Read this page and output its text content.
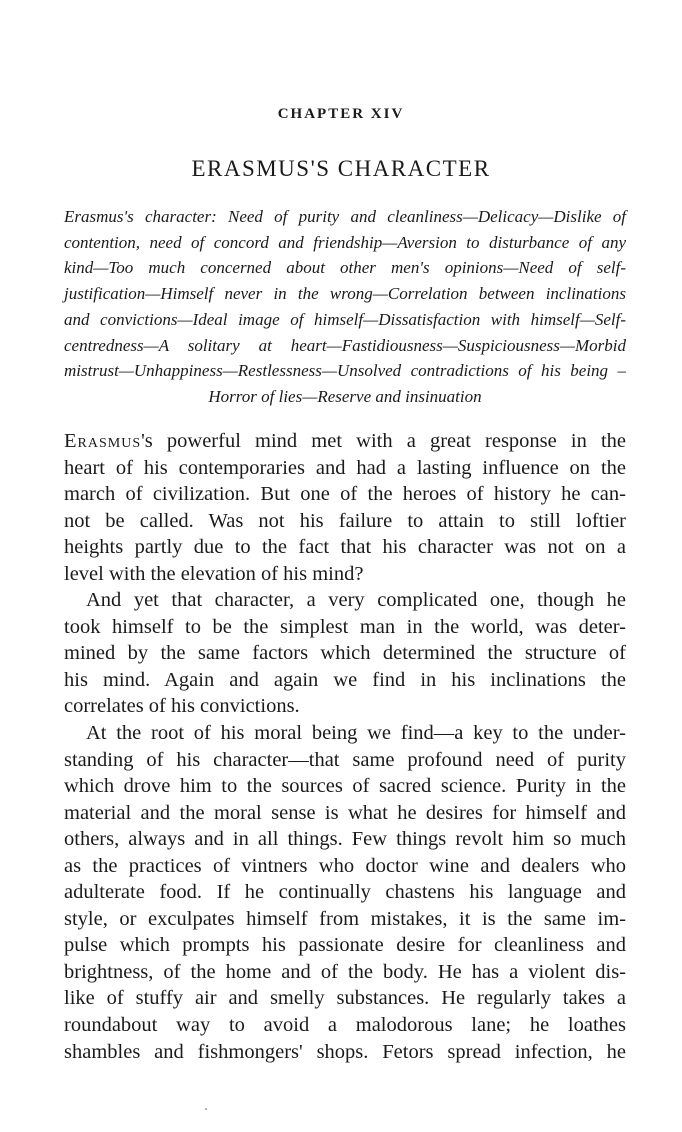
CHAPTER XIV
ERASMUS'S CHARACTER
Erasmus's character: Need of purity and cleanliness—Delicacy—Dislike of
contention, need of concord and friendship—Aversion to disturbance of any
kind—Too much concerned about other men's opinions—Need of self-
justification—Himself never in the wrong—Correlation between inclinations
and convictions—Ideal image of himself—Dissatisfaction with himself—Self-
centredness—A solitary at heart—Fastidiousness—Suspiciousness—Morbid
mistrust—Unhappiness—Restlessness—Unsolved contradictions of his being –
Horror of lies—Reserve and insinuation
Erasmus's powerful mind met with a great response in the
heart of his contemporaries and had a lasting influence on the
march of civilization. But one of the heroes of history he can-
not be called. Was not his failure to attain to still loftier
heights partly due to the fact that his character was not on a
level with the elevation of his mind?
And yet that character, a very complicated one, though he
took himself to be the simplest man in the world, was deter-
mined by the same factors which determined the structure of
his mind. Again and again we find in his inclinations the
correlates of his convictions.
At the root of his moral being we find—a key to the under-
standing of his character—that same profound need of purity
which drove him to the sources of sacred science. Purity in the
material and the moral sense is what he desires for himself and
others, always and in all things. Few things revolt him so much
as the practices of vintners who doctor wine and dealers who
adulterate food. If he continually chastens his language and
style, or exculpates himself from mistakes, it is the same im-
pulse which prompts his passionate desire for cleanliness and
brightness, of the home and of the body. He has a violent dis-
like of stuffy air and smelly substances. He regularly takes a
roundabout way to avoid a malodorous lane; he loathes
shambles and fishmongers' shops. Fetors spread infection, he
